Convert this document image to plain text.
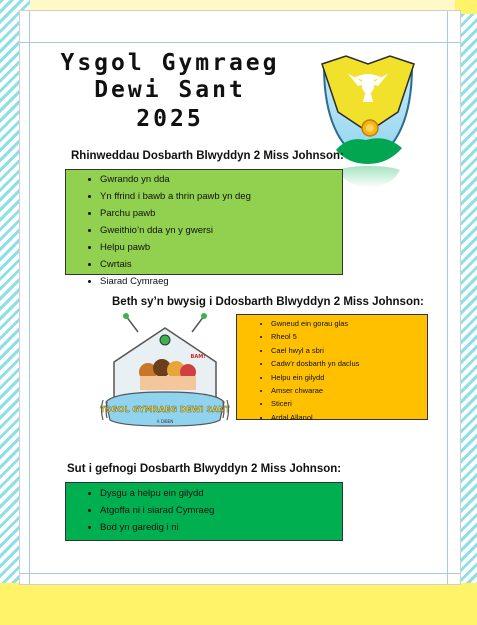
Ysgol Gymraeg
Dewi Sant
2025
Rhinweddau Dosbarth Blwyddyn 2 Miss Johnson:
• Gwrando yn dda
• Yn ffrind i bawb a thrin pawb yn deg
• Parchu pawb
• Gweithio’n dda yn y gwersi
• Helpu pawb
• Cwrtais
• Siarad Cymraeg
Beth sy’n bwysig i Ddosbarth Blwyddyn 2 Miss Johnson:
YSGOL GYMRAEG DEWI SANT
A DIBEN
BAM!
• Gwneud ein gorau glas
• Rheol 5
• Cael hwyl a sbri
• Cadw’r dosbarth yn daclus
• Helpu ein gilydd
• Amser chwarae
• Sticeri
• Ardal Allanol
Sut i gefnogi Dosbarth Blwyddyn 2 Miss Johnson:
• Dysgu a helpu ein gilydd
• Atgoffa ni i siarad Cymraeg
• Bod yn garedig i ni
